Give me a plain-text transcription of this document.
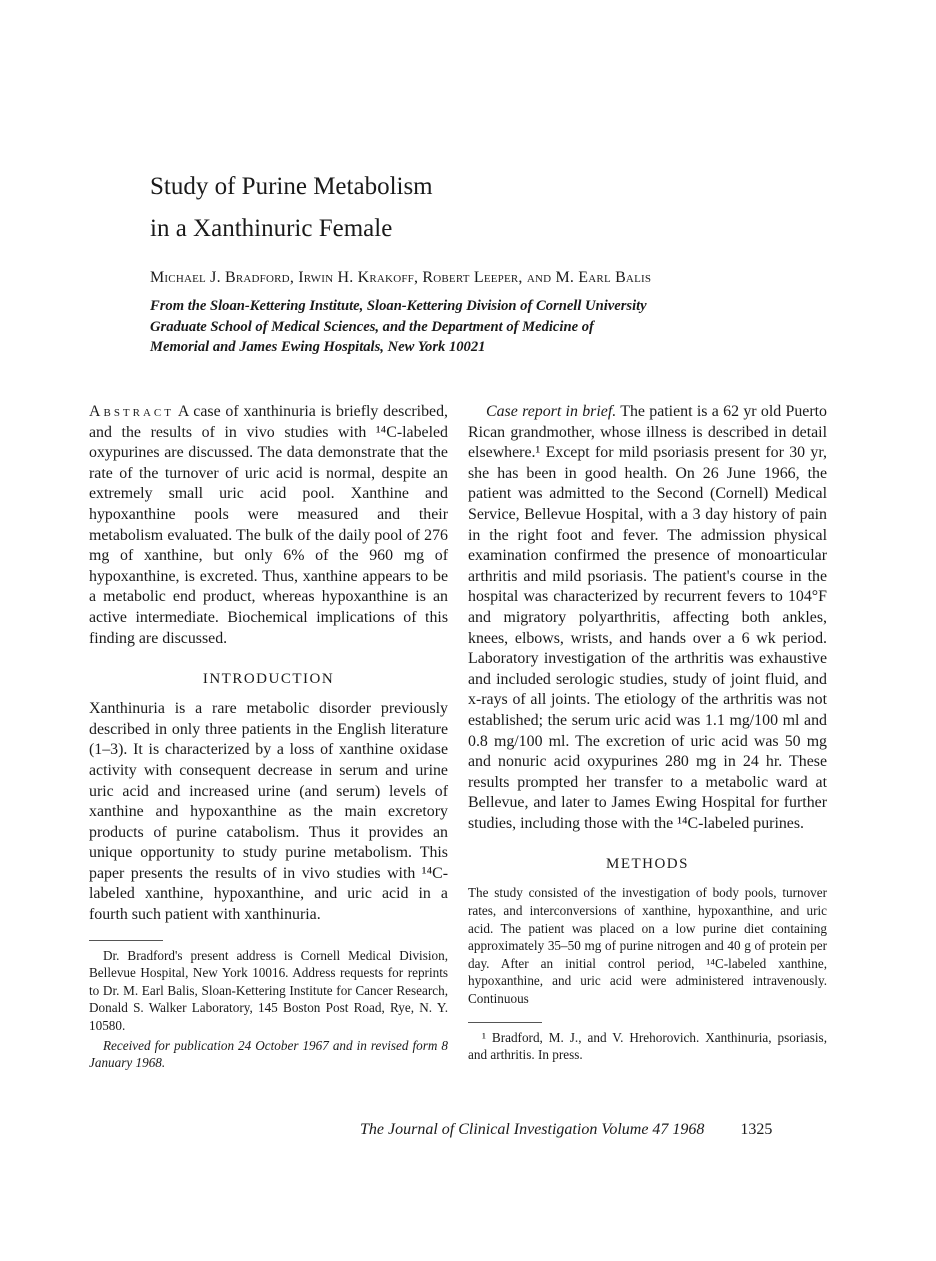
Study of Purine Metabolism
in a Xanthinuric Female
Michael J. Bradford, Irwin H. Krakoff, Robert Leeper, and M. Earl Balis
From the Sloan-Kettering Institute, Sloan-Kettering Division of Cornell University
Graduate School of Medical Sciences, and the Department of Medicine of
Memorial and James Ewing Hospitals, New York 10021

Abstract A case of xanthinuria is briefly described, and the results of in vivo studies with ¹⁴C-labeled oxypurines are discussed. The data demonstrate that the rate of the turnover of uric acid is normal, despite an extremely small uric acid pool. Xanthine and hypoxanthine pools were measured and their metabolism evaluated. The bulk of the daily pool of 276 mg of xanthine, but only 6% of the 960 mg of hypoxanthine, is excreted. Thus, xanthine appears to be a metabolic end product, whereas hypoxanthine is an active intermediate. Biochemical implications of this finding are discussed.

INTRODUCTION

Xanthinuria is a rare metabolic disorder previously described in only three patients in the English literature (1–3). It is characterized by a loss of xanthine oxidase activity with consequent decrease in serum and urine uric acid and increased urine (and serum) levels of xanthine and hypoxanthine as the main excretory products of purine catabolism. Thus it provides an unique opportunity to study purine metabolism. This paper presents the results of in vivo studies with ¹⁴C-labeled xanthine, hypoxanthine, and uric acid in a fourth such patient with xanthinuria.

Dr. Bradford's present address is Cornell Medical Division, Bellevue Hospital, New York 10016. Address requests for reprints to Dr. M. Earl Balis, Sloan-Kettering Institute for Cancer Research, Donald S. Walker Laboratory, 145 Boston Post Road, Rye, N. Y. 10580.

Received for publication 24 October 1967 and in revised form 8 January 1968.

Case report in brief. The patient is a 62 yr old Puerto Rican grandmother, whose illness is described in detail elsewhere.¹ Except for mild psoriasis present for 30 yr, she has been in good health. On 26 June 1966, the patient was admitted to the Second (Cornell) Medical Service, Bellevue Hospital, with a 3 day history of pain in the right foot and fever. The admission physical examination confirmed the presence of monoarticular arthritis and mild psoriasis. The patient's course in the hospital was characterized by recurrent fevers to 104°F and migratory polyarthritis, affecting both ankles, knees, elbows, wrists, and hands over a 6 wk period. Laboratory investigation of the arthritis was exhaustive and included serologic studies, study of joint fluid, and x-rays of all joints. The etiology of the arthritis was not established; the serum uric acid was 1.1 mg/100 ml and 0.8 mg/100 ml. The excretion of uric acid was 50 mg and nonuric acid oxypurines 280 mg in 24 hr. These results prompted her transfer to a metabolic ward at Bellevue, and later to James Ewing Hospital for further studies, including those with the ¹⁴C-labeled purines.

METHODS

The study consisted of the investigation of body pools, turnover rates, and interconversions of xanthine, hypoxanthine, and uric acid. The patient was placed on a low purine diet containing approximately 35–50 mg of purine nitrogen and 40 g of protein per day. After an initial control period, ¹⁴C-labeled xanthine, hypoxanthine, and uric acid were administered intravenously. Continuous

¹ Bradford, M. J., and V. Hrehorovich. Xanthinuria, psoriasis, and arthritis. In press.

The Journal of Clinical Investigation Volume 47 1968 1325
